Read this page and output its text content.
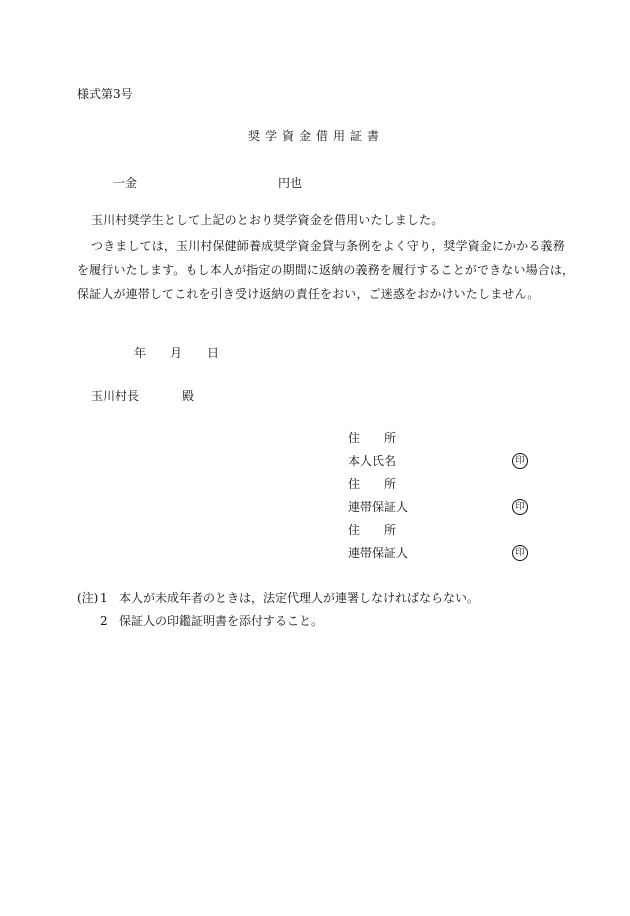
様式第3号
奨学資金借用証書
一金	円也
玉川村奨学生として上記のとおり奨学資金を借用いたしました。
つきましては，玉川村保健師養成奨学資金貸与条例をよく守り，奨学資金にかかる義務
を履行いたします。もし本人が指定の期間に返納の義務を履行することができない場合は，
保証人が連帯してこれを引き受け返納の責任をおい，ご迷惑をおかけいたしません。
年 月 日
玉川村長	殿
住　　所
本人氏名	印
住　　所
連帯保証人	印
住　　所
連帯保証人	印
(注) 1 本人が未成年者のときは，法定代理人が連署しなければならない。
2 保証人の印鑑証明書を添付すること。
